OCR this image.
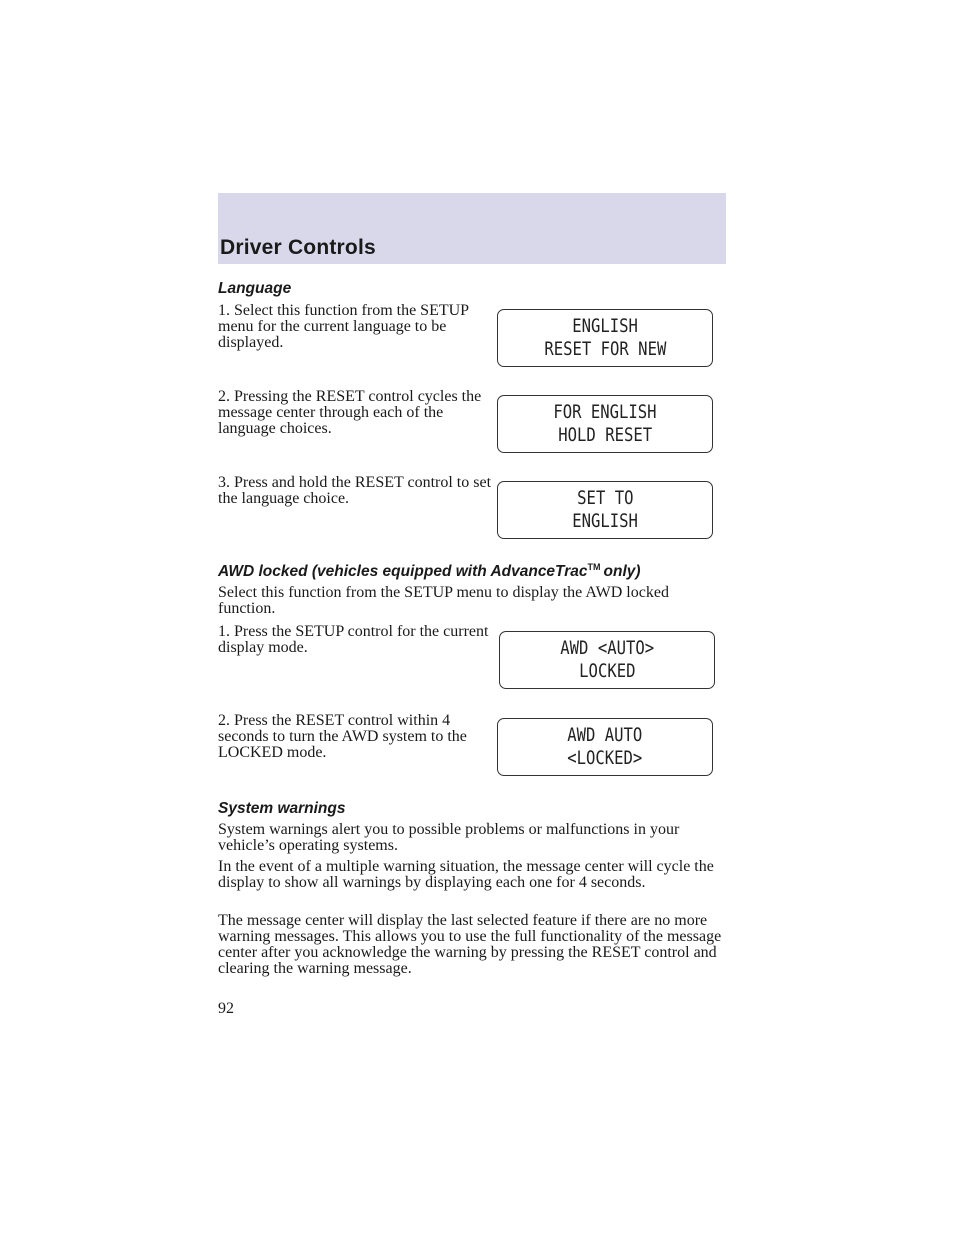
Driver Controls
Language
1. Select this function from the SETUP menu for the current language to be displayed.
2. Pressing the RESET control cycles the message center through each of the language choices.
3. Press and hold the RESET control to set the language choice.
ENGLISH
RESET FOR NEW
FOR ENGLISH
HOLD RESET
SET TO
ENGLISH
AWD locked (vehicles equipped with AdvanceTrac™ only)
Select this function from the SETUP menu to display the AWD locked function.
1. Press the SETUP control for the current display mode.
2. Press the RESET control within 4 seconds to turn the AWD system to the LOCKED mode.
AWD <AUTO>
LOCKED
AWD AUTO
<LOCKED>
System warnings
System warnings alert you to possible problems or malfunctions in your vehicle’s operating systems.
In the event of a multiple warning situation, the message center will cycle the display to show all warnings by displaying each one for 4 seconds.
The message center will display the last selected feature if there are no more warning messages. This allows you to use the full functionality of the message center after you acknowledge the warning by pressing the RESET control and clearing the warning message.
92
